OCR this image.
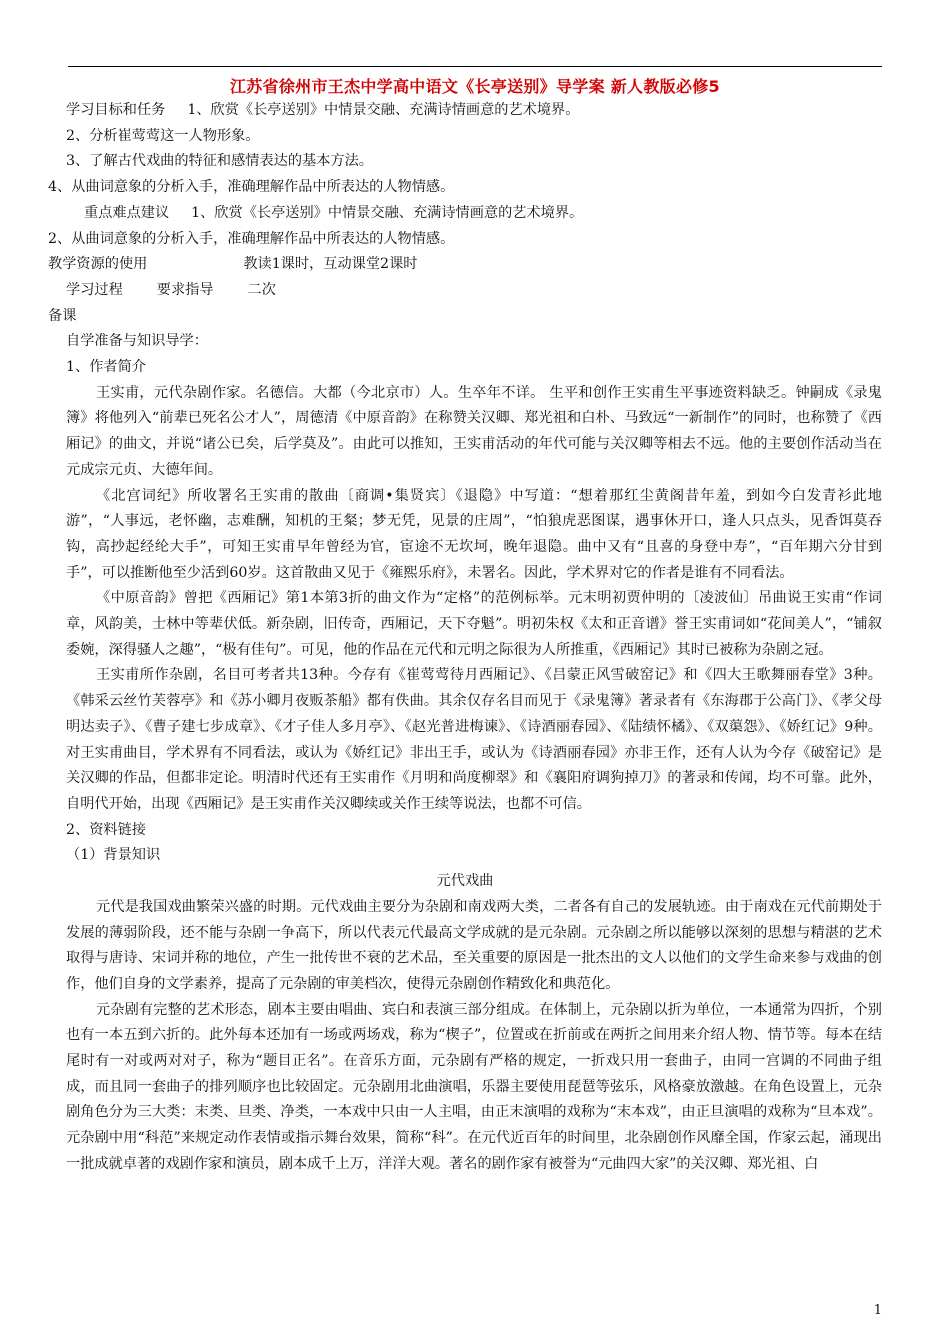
江苏省徐州市王杰中学高中语文《长亭送别》导学案 新人教版必修5

学习目标和任务 1、欣赏《长亭送别》中情景交融、充满诗情画意的艺术境界。

2、分析崔莺莺这一人物形象。

3、了解古代戏曲的特征和感情表达的基本方法。

4、从曲词意象的分析入手，准确理解作品中所表达的人物情感。

重点难点建议 1、欣赏《长亭送别》中情景交融、充满诗情画意的艺术境界。

2、从曲词意象的分析入手，准确理解作品中所表达的人物情感。

教学资源的使用	教读1课时，互动课堂2课时

学习过程 要求指导 二次

备课

自学准备与知识导学：

1、作者简介

王实甫，元代杂剧作家。名德信。大都（今北京市）人。生卒年不详。 生平和创作王实甫生平事迹资料缺乏。钟嗣成《录鬼簿》将他列入“前辈已死名公才人”，周德清《中原音韵》在称赞关汉卿、郑光祖和白朴、马致远“一新制作”的同时，也称赞了《西厢记》的曲文，并说“诸公已矣，后学莫及”。由此可以推知，王实甫活动的年代可能与关汉卿等相去不远。他的主要创作活动当在元成宗元贞、大德年间。

《北宫词纪》所收署名王实甫的散曲〔商调•集贤宾〕《退隐》中写道：“想着那红尘黄阁昔年羞，到如今白发青衫此地游”，“人事远，老怀幽，志难酬，知机的王粲；梦无凭，见景的庄周”，“怕狼虎恶图谋，遇事休开口，逢人只点头，见香饵莫吞钩，高抄起经纶大手”，可知王实甫早年曾经为官，宦途不无坎坷，晚年退隐。曲中又有“且喜的身登中寿”，“百年期六分甘到手”，可以推断他至少活到60岁。这首散曲又见于《雍熙乐府》，未署名。因此，学术界对它的作者是谁有不同看法。

《中原音韵》曾把《西厢记》第1本第3折的曲文作为“定格”的范例标举。元末明初贾仲明的〔凌波仙〕吊曲说王实甫“作词章，风韵美，士林中等辈伏低。新杂剧，旧传奇，西厢记，天下夺魁”。明初朱权《太和正音谱》誉王实甫词如“花间美人”，“铺叙委婉，深得骚人之趣”，“极有佳句”。可见，他的作品在元代和元明之际很为人所推重，《西厢记》其时已被称为杂剧之冠。

王实甫所作杂剧，名目可考者共13种。今存有《崔莺莺待月西厢记》、《吕蒙正风雪破窑记》和《四大王歌舞丽春堂》3种。《韩采云丝竹芙蓉亭》和《苏小卿月夜贩茶船》都有佚曲。其余仅存名目而见于《录鬼簿》著录者有《东海郡于公高门》、《孝父母明达卖子》、《曹子建七步成章》、《才子佳人多月亭》、《赵光普进梅谏》、《诗酒丽春园》、《陆绩怀橘》、《双蕖怨》、《娇红记》9种。对王实甫曲目，学术界有不同看法，或认为《娇红记》非出王手，或认为《诗酒丽春园》亦非王作，还有人认为今存《破窑记》是关汉卿的作品，但都非定论。明清时代还有王实甫作《月明和尚度柳翠》和《襄阳府调狗掉刀》的著录和传闻，均不可靠。此外，自明代开始，出现《西厢记》是王实甫作关汉卿续或关作王续等说法，也都不可信。

2、资料链接

（1）背景知识

元代戏曲

元代是我国戏曲繁荣兴盛的时期。元代戏曲主要分为杂剧和南戏两大类，二者各有自己的发展轨迹。由于南戏在元代前期处于发展的薄弱阶段，还不能与杂剧一争高下，所以代表元代最高文学成就的是元杂剧。元杂剧之所以能够以深刻的思想与精湛的艺术取得与唐诗、宋词并称的地位，产生一批传世不衰的艺术品，至关重要的原因是一批杰出的文人以他们的文学生命来参与戏曲的创作，他们自身的文学素养，提高了元杂剧的审美档次，使得元杂剧创作精致化和典范化。

元杂剧有完整的艺术形态，剧本主要由唱曲、宾白和表演三部分组成。在体制上，元杂剧以折为单位，一本通常为四折，个别也有一本五到六折的。此外每本还加有一场或两场戏，称为“楔子”，位置或在折前或在两折之间用来介绍人物、情节等。每本在结尾时有一对或两对对子，称为“题目正名”。在音乐方面，元杂剧有严格的规定，一折戏只用一套曲子，由同一宫调的不同曲子组成，而且同一套曲子的排列顺序也比较固定。元杂剧用北曲演唱，乐器主要使用琵琶等弦乐，风格豪放激越。在角色设置上，元杂剧角色分为三大类：末类、旦类、净类，一本戏中只由一人主唱，由正末演唱的戏称为“末本戏”，由正旦演唱的戏称为“旦本戏”。元杂剧中用“科范”来规定动作表情或指示舞台效果，简称“科”。在元代近百年的时间里，北杂剧创作风靡全国，作家云起，涌现出一批成就卓著的戏剧作家和演员，剧本成千上万，洋洋大观。著名的剧作家有被誉为“元曲四大家”的关汉卿、郑光祖、白

1
